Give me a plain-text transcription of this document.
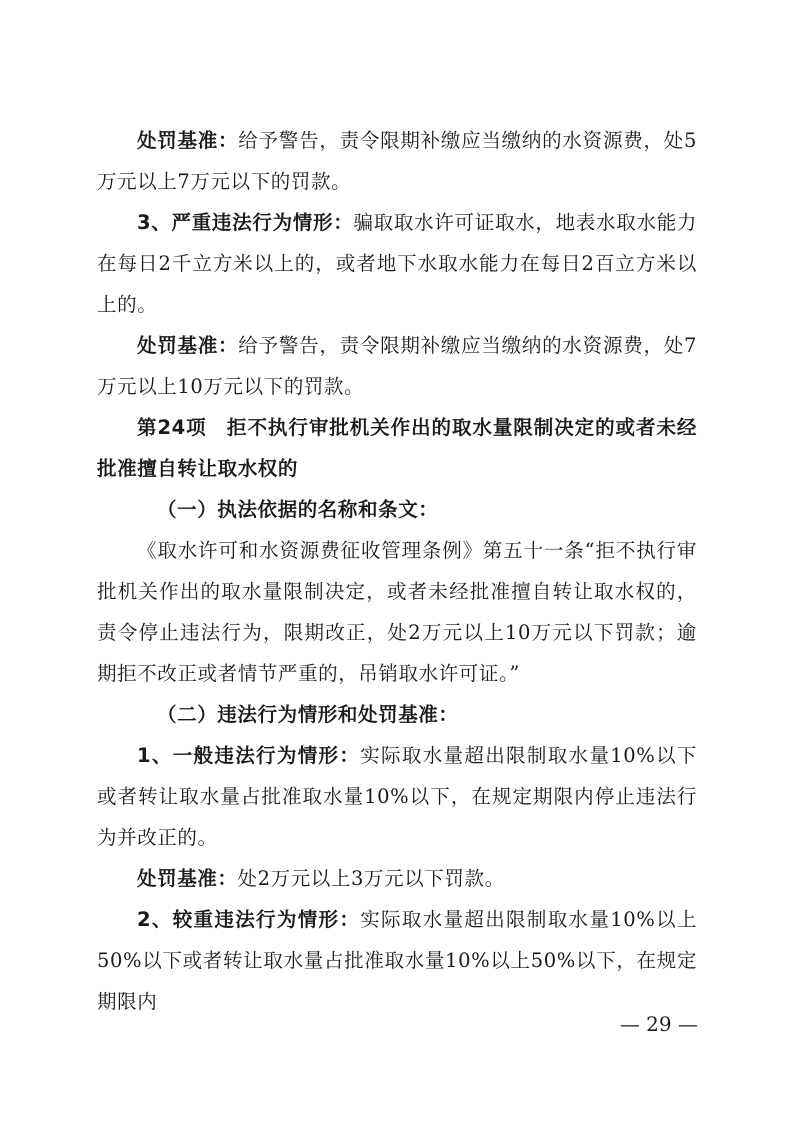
处罚基准：给予警告，责令限期补缴应当缴纳的水资源费，处5万元以上7万元以下的罚款。

3、严重违法行为情形：骗取取水许可证取水，地表水取水能力在每日2千立方米以上的，或者地下水取水能力在每日2百立方米以上的。

处罚基准：给予警告，责令限期补缴应当缴纳的水资源费，处7万元以上10万元以下的罚款。

第24项　拒不执行审批机关作出的取水量限制决定的或者未经批准擅自转让取水权的

（一）执法依据的名称和条文：

《取水许可和水资源费征收管理条例》第五十一条“拒不执行审批机关作出的取水量限制决定，或者未经批准擅自转让取水权的，责令停止违法行为，限期改正，处2万元以上10万元以下罚款；逾期拒不改正或者情节严重的，吊销取水许可证。”

（二）违法行为情形和处罚基准：

1、一般违法行为情形：实际取水量超出限制取水量10%以下或者转让取水量占批准取水量10%以下，在规定期限内停止违法行为并改正的。

处罚基准：处2万元以上3万元以下罚款。

2、较重违法行为情形：实际取水量超出限制取水量10%以上50%以下或者转让取水量占批准取水量10%以上50%以下，在规定期限内

— 29 —
